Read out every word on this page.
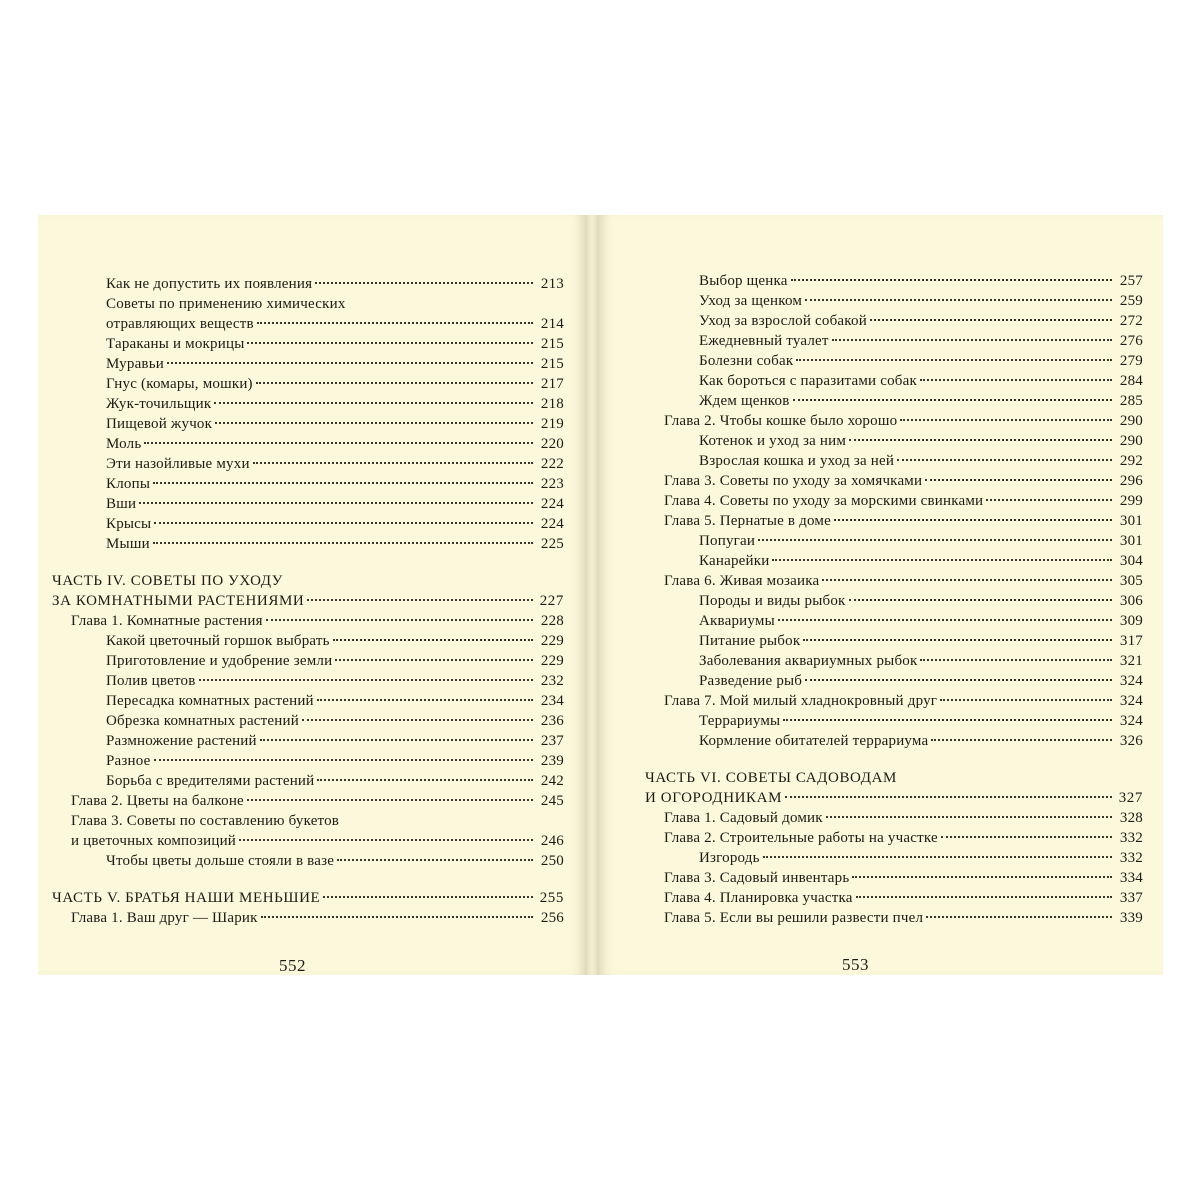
Как не допустить их появления	213
Советы по применению химических
отравляющих веществ	214
Тараканы и мокрицы	215
Муравьи	215
Гнус (комары, мошки)	217
Жук-точильщик	218
Пищевой жучок	219
Моль	220
Эти назойливые мухи	222
Клопы	223
Вши	224
Крысы	224
Мыши	225
ЧАСТЬ IV. СОВЕТЫ ПО УХОДУ
ЗА КОМНАТНЫМИ РАСТЕНИЯМИ	227
Глава 1. Комнатные растения	228
Какой цветочный горшок выбрать	229
Приготовление и удобрение земли	229
Полив цветов	232
Пересадка комнатных растений	234
Обрезка комнатных растений	236
Размножение растений	237
Разное	239
Борьба с вредителями растений	242
Глава 2. Цветы на балконе	245
Глава 3. Советы по составлению букетов
и цветочных композиций	246
Чтобы цветы дольше стояли в вазе	250
ЧАСТЬ V. БРАТЬЯ НАШИ МЕНЬШИЕ	255
Глава 1. Ваш друг — Шарик	256
552
Выбор щенка	257
Уход за щенком	259
Уход за взрослой собакой	272
Ежедневный туалет	276
Болезни собак	279
Как бороться с паразитами собак	284
Ждем щенков	285
Глава 2. Чтобы кошке было хорошо	290
Котенок и уход за ним	290
Взрослая кошка и уход за ней	292
Глава 3. Советы по уходу за хомячками	296
Глава 4. Советы по уходу за морскими свинками	299
Глава 5. Пернатые в доме	301
Попугаи	301
Канарейки	304
Глава 6. Живая мозаика	305
Породы и виды рыбок	306
Аквариумы	309
Питание рыбок	317
Заболевания аквариумных рыбок	321
Разведение рыб	324
Глава 7. Мой милый хладнокровный друг	324
Террариумы	324
Кормление обитателей террариума	326
ЧАСТЬ VI. СОВЕТЫ САДОВОДАМ
И ОГОРОДНИКАМ	327
Глава 1. Садовый домик	328
Глава 2. Строительные работы на участке	332
Изгородь	332
Глава 3. Садовый инвентарь	334
Глава 4. Планировка участка	337
Глава 5. Если вы решили развести пчел	339
553
